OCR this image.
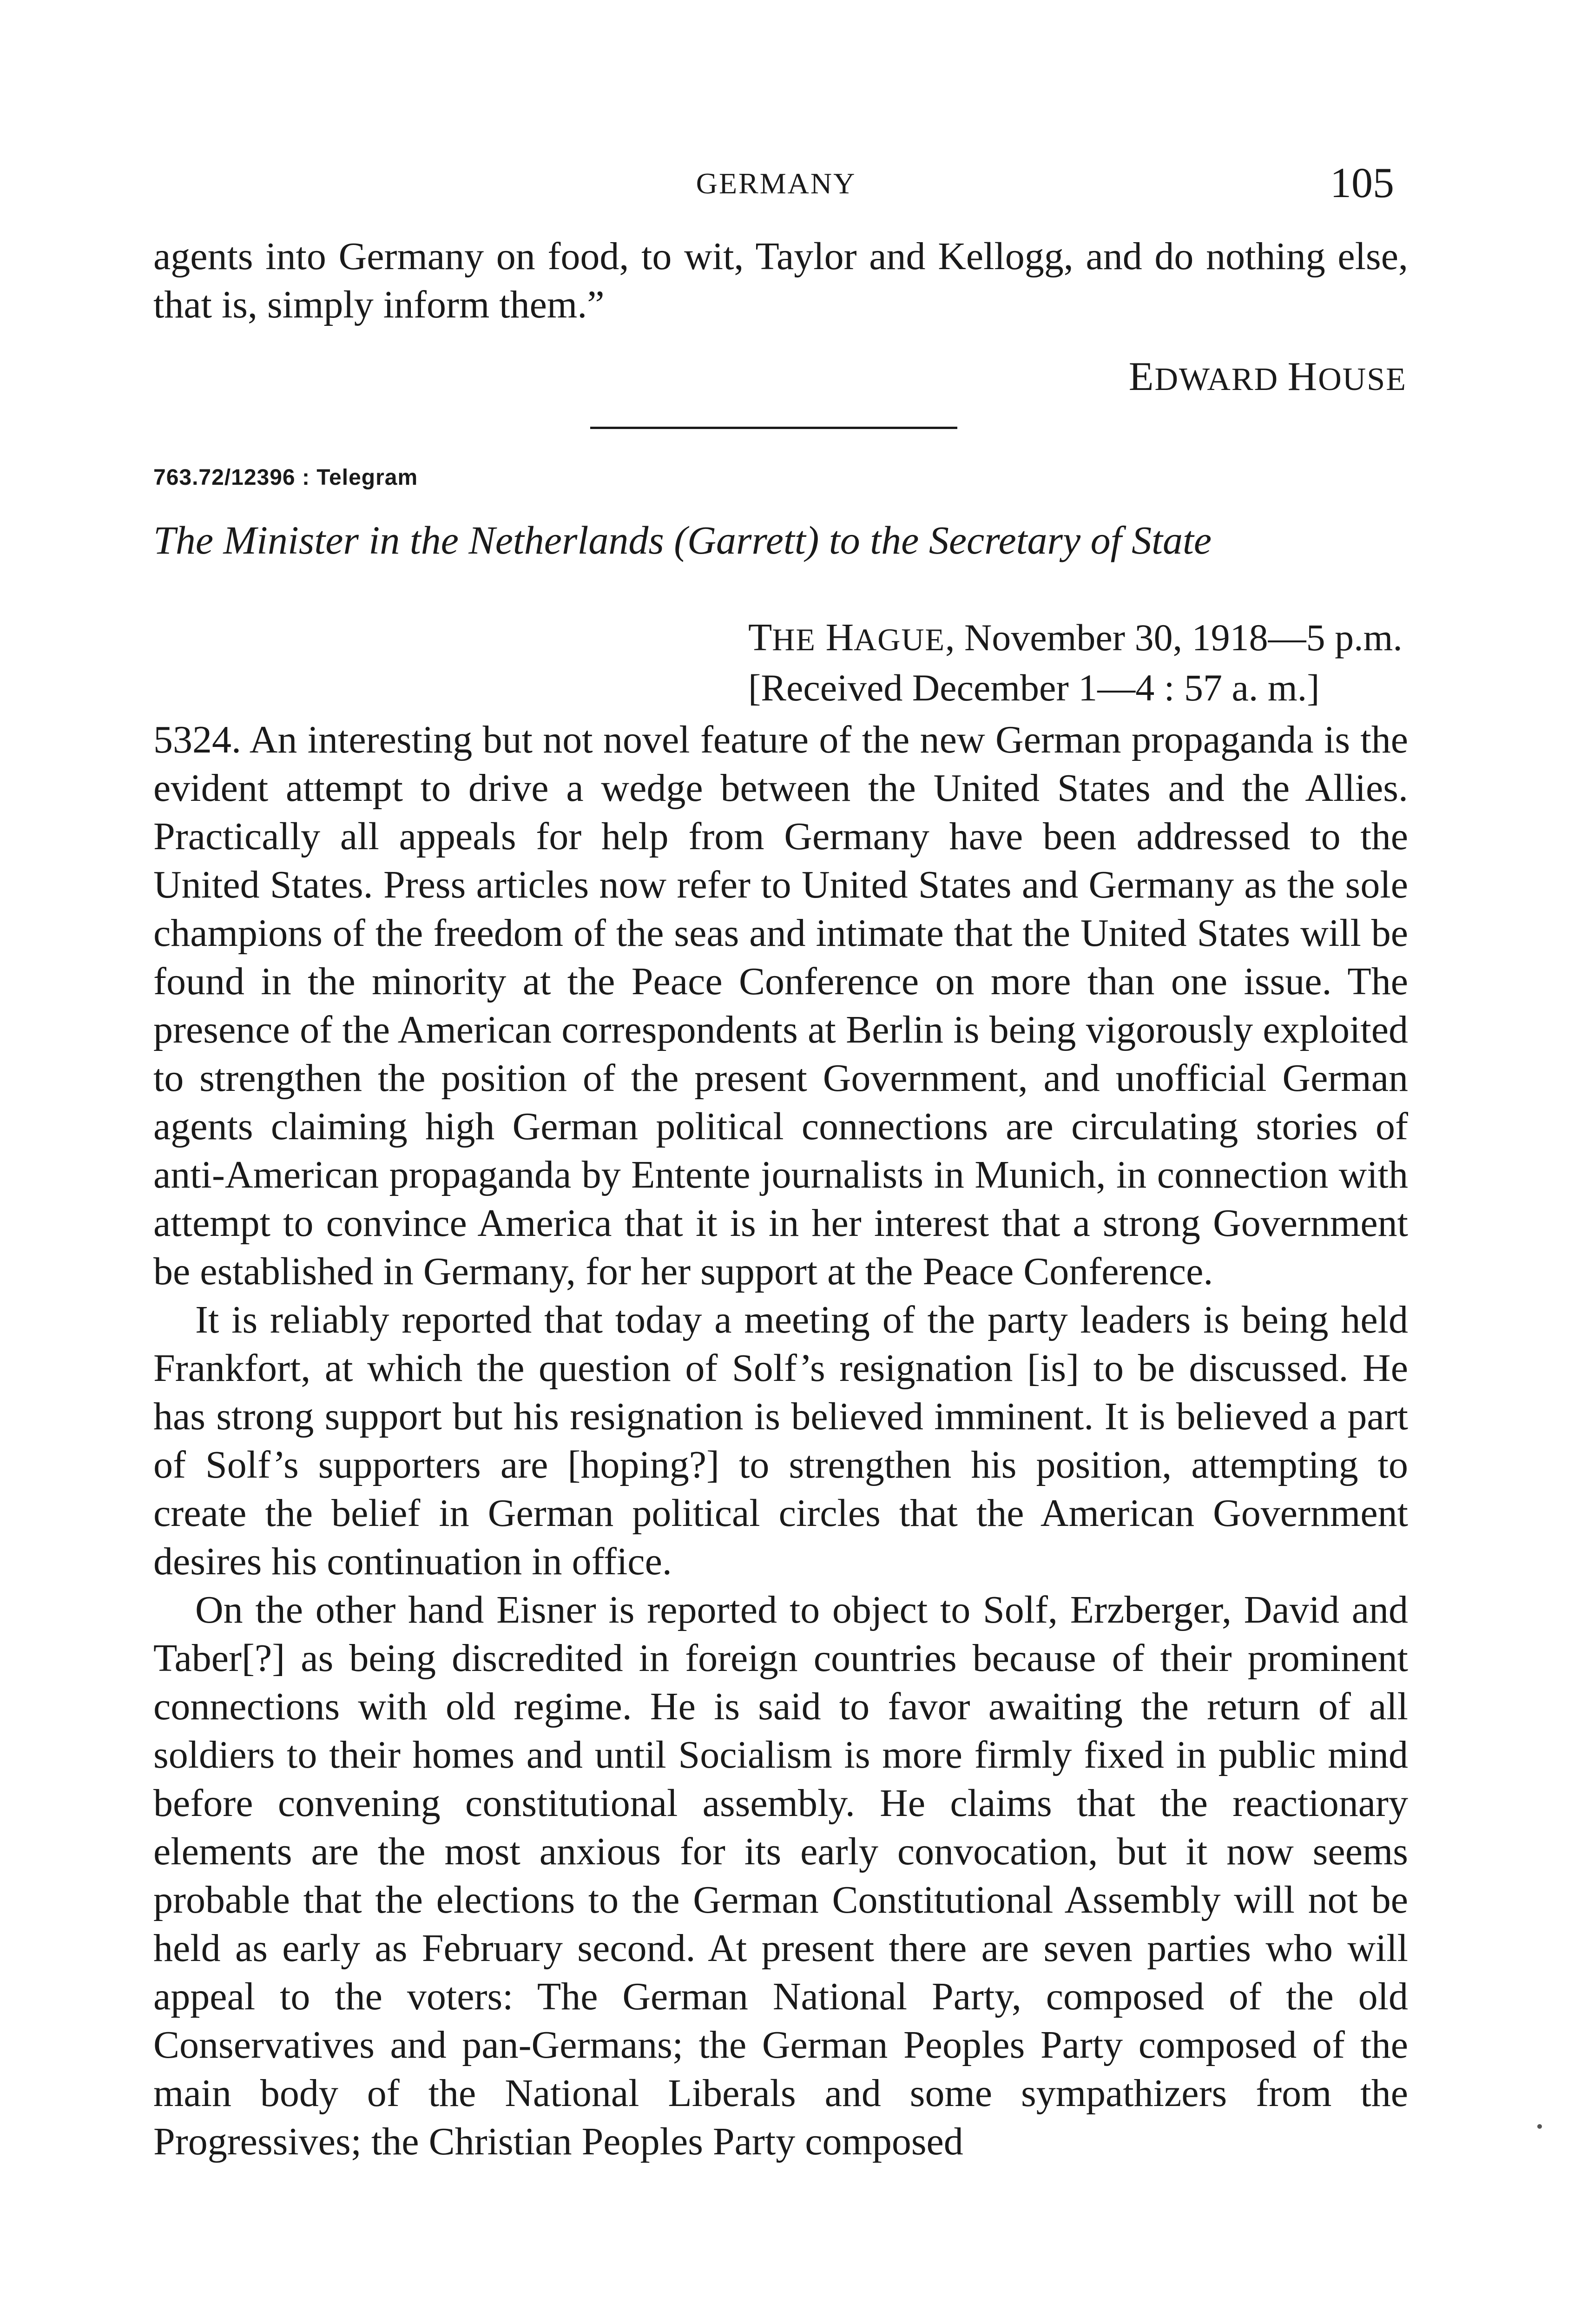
GERMANY	105

agents into Germany on food, to wit, Taylor and Kellogg, and do nothing else, that is, simply inform them.”

EDWARD HOUSE
763.72/12396 : Telegram
The Minister in the Netherlands (Garrett) to the Secretary of State
THE HAGUE, November 30, 1918—5 p.m.
[Received December 1—4 : 57 a. m.]

5324. An interesting but not novel feature of the new German propaganda is the evident attempt to drive a wedge between the United States and the Allies. Practically all appeals for help from Germany have been addressed to the United States. Press articles now refer to United States and Germany as the sole champions of the freedom of the seas and intimate that the United States will be found in the minority at the Peace Conference on more than one issue. The presence of the American correspondents at Berlin is being vigorously exploited to strengthen the position of the present Government, and unofficial German agents claiming high German political connections are circulating stories of anti-American propaganda by Entente journalists in Munich, in connection with attempt to convince America that it is in her interest that a strong Government be established in Germany, for her support at the Peace Conference.

It is reliably reported that today a meeting of the party leaders is being held Frankfort, at which the question of Solf’s resignation [is] to be discussed. He has strong support but his resignation is believed imminent. It is believed a part of Solf’s supporters are [hoping?] to strengthen his position, attempting to create the belief in German political circles that the American Government desires his continuation in office.

On the other hand Eisner is reported to object to Solf, Erzberger, David and Taber[?] as being discredited in foreign countries because of their prominent connections with old regime. He is said to favor awaiting the return of all soldiers to their homes and until Socialism is more firmly fixed in public mind before convening constitutional assembly. He claims that the reactionary elements are the most anxious for its early convocation, but it now seems probable that the elections to the German Constitutional Assembly will not be held as early as February second. At present there are seven parties who will appeal to the voters: The German National Party, composed of the old Conservatives and pan-Germans; the German Peoples Party composed of the main body of the National Liberals and some sympathizers from the Progressives; the Christian Peoples Party composed
